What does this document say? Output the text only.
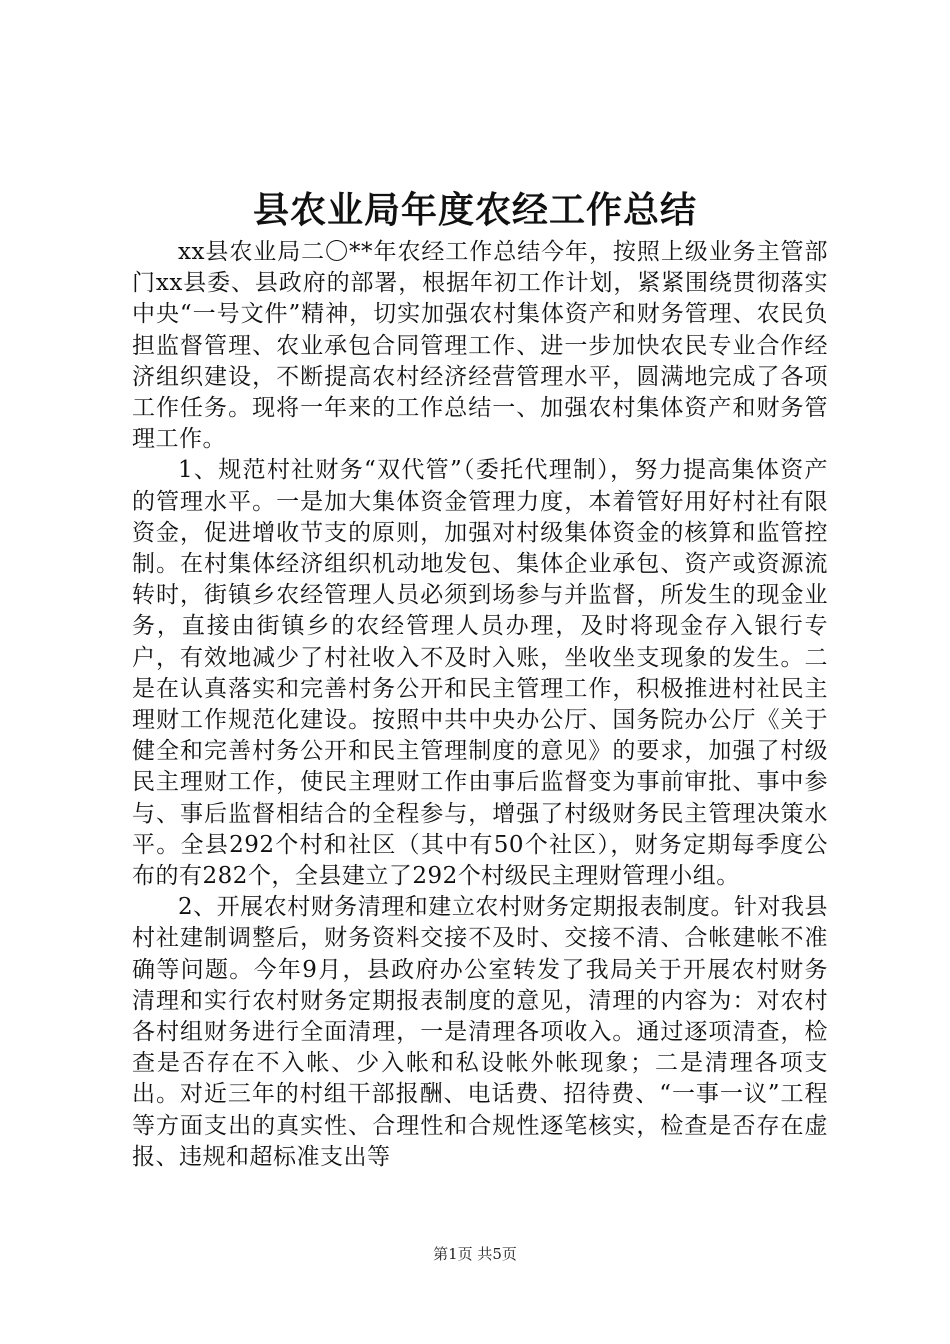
县农业局年度农经工作总结

xx县农业局二〇**年农经工作总结今年，按照上级业务主管部门xx县委、县政府的部署，根据年初工作计划，紧紧围绕贯彻落实中央“一号文件”精神，切实加强农村集体资产和财务管理、农民负担监督管理、农业承包合同管理工作、进一步加快农民专业合作经济组织建设，不断提高农村经济经营管理水平，圆满地完成了各项工作任务。现将一年来的工作总结一、加强农村集体资产和财务管理工作。

1、规范村社财务“双代管”（委托代理制），努力提高集体资产的管理水平。一是加大集体资金管理力度，本着管好用好村社有限资金，促进增收节支的原则，加强对村级集体资金的核算和监管控制。在村集体经济组织机动地发包、集体企业承包、资产或资源流转时，街镇乡农经管理人员必须到场参与并监督，所发生的现金业务，直接由街镇乡的农经管理人员办理，及时将现金存入银行专户，有效地减少了村社收入不及时入账，坐收坐支现象的发生。二是在认真落实和完善村务公开和民主管理工作，积极推进村社民主理财工作规范化建设。按照中共中央办公厅、国务院办公厅《关于健全和完善村务公开和民主管理制度的意见》的要求，加强了村级民主理财工作，使民主理财工作由事后监督变为事前审批、事中参与、事后监督相结合的全程参与，增强了村级财务民主管理决策水平。全县292个村和社区（其中有50个社区），财务定期每季度公布的有282个，全县建立了292个村级民主理财管理小组。

2、开展农村财务清理和建立农村财务定期报表制度。针对我县村社建制调整后，财务资料交接不及时、交接不清、合帐建帐不准确等问题。今年9月，县政府办公室转发了我局关于开展农村财务清理和实行农村财务定期报表制度的意见，清理的内容为：对农村各村组财务进行全面清理，一是清理各项收入。通过逐项清查，检查是否存在不入帐、少入帐和私设帐外帐现象；二是清理各项支出。对近三年的村组干部报酬、电话费、招待费、“一事一议”工程等方面支出的真实性、合理性和合规性逐笔核实，检查是否存在虚报、违规和超标准支出等

第1页 共5页
